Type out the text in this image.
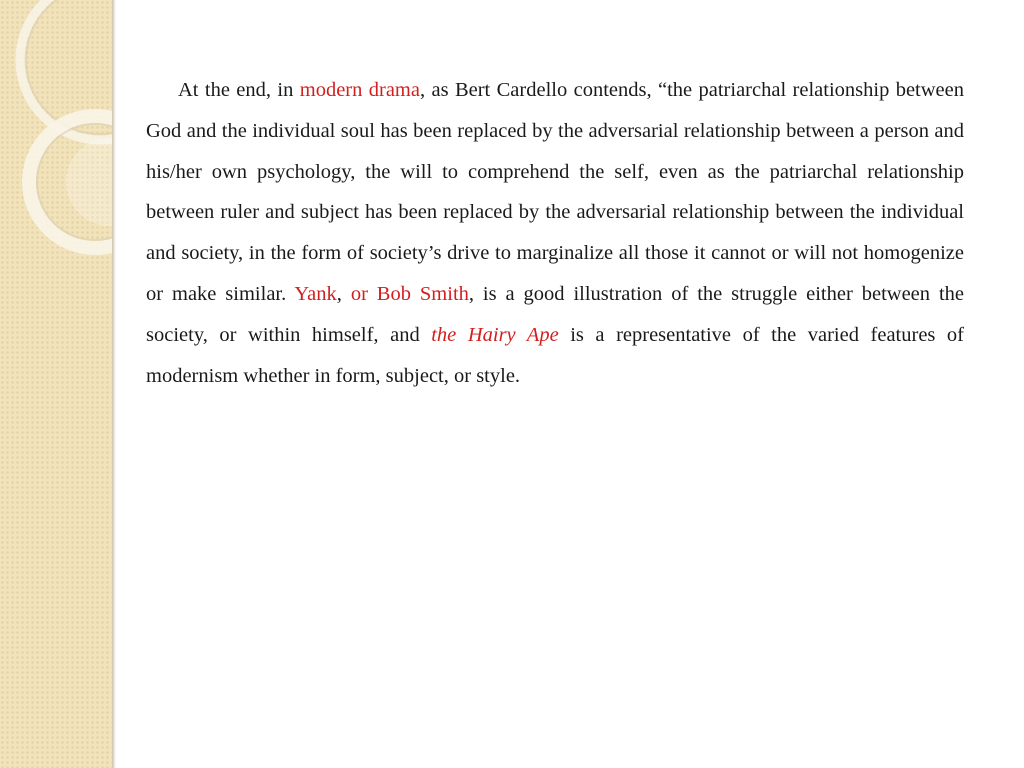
At the end, in modern drama, as Bert Cardello contends, “the patriarchal relationship between God and the individual soul has been replaced by the adversarial relationship between a person and his/her own psychology, the will to comprehend the self, even as the patriarchal relationship between ruler and subject has been replaced by the adversarial relationship between the individual and society, in the form of society’s drive to marginalize all those it cannot or will not homogenize or make similar. Yank, or Bob Smith, is a good illustration of the struggle either between the society, or within himself, and the Hairy Ape is a representative of the varied features of modernism whether in form, subject, or style.
